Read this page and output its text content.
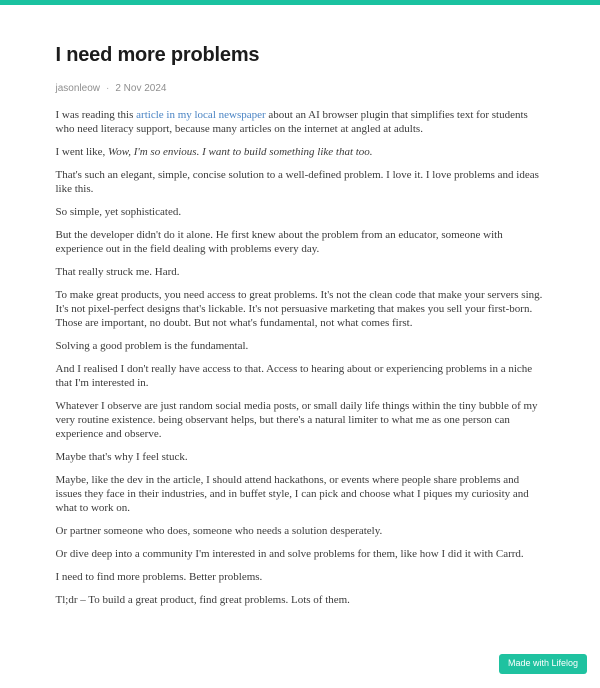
I need more problems
jasonleow · 2 Nov 2024

I was reading this article in my local newspaper about an AI browser plugin that simplifies text for students who need literacy support, because many articles on the internet at angled at adults.

I went like, Wow, I'm so envious. I want to build something like that too.

That's such an elegant, simple, concise solution to a well-defined problem. I love it. I love problems and ideas like this.

So simple, yet sophisticated.

But the developer didn't do it alone. He first knew about the problem from an educator, someone with experience out in the field dealing with problems every day.

That really struck me. Hard.

To make great products, you need access to great problems. It's not the clean code that make your servers sing. It's not pixel-perfect designs that's lickable. It's not persuasive marketing that makes you sell your first-born. Those are important, no doubt. But not what's fundamental, not what comes first.

Solving a good problem is the fundamental.

And I realised I don't really have access to that. Access to hearing about or experiencing problems in a niche that I'm interested in.

Whatever I observe are just random social media posts, or small daily life things within the tiny bubble of my very routine existence. being observant helps, but there's a natural limiter to what me as one person can experience and observe.

Maybe that's why I feel stuck.

Maybe, like the dev in the article, I should attend hackathons, or events where people share problems and issues they face in their industries, and in buffet style, I can pick and choose what I piques my curiosity and what to work on.

Or partner someone who does, someone who needs a solution desperately.

Or dive deep into a community I'm interested in and solve problems for them, like how I did it with Carrd.

I need to find more problems. Better problems.

Tl;dr – To build a great product, find great problems. Lots of them.

Made with Lifelog
